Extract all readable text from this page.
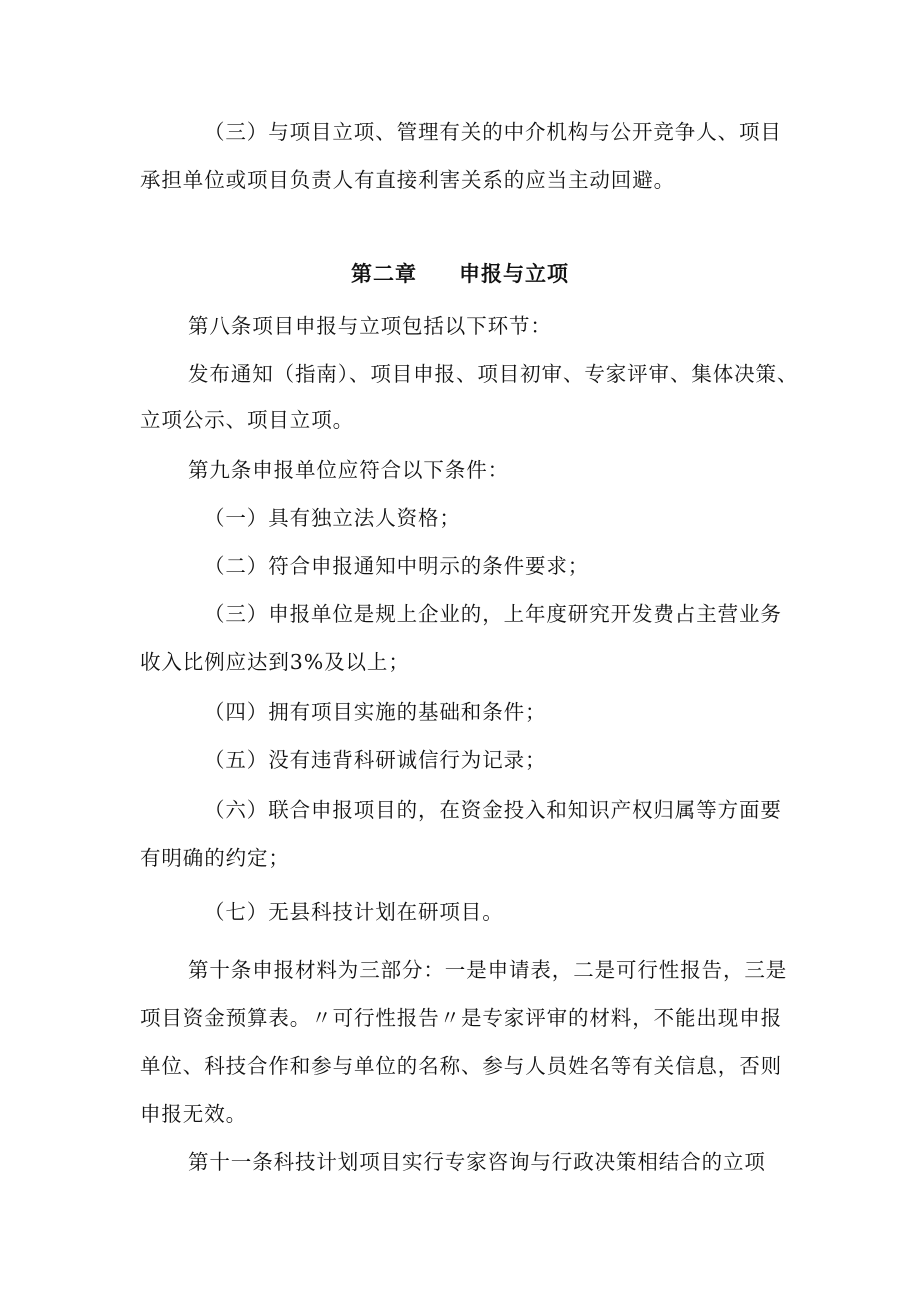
（三）与项目立项、管理有关的中介机构与公开竞争人、项目
承担单位或项目负责人有直接利害关系的应当主动回避。
第二章 申报与立项
第八条项目申报与立项包括以下环节：
发布通知（指南）、项目申报、项目初审、专家评审、集体决策、
立项公示、项目立项。
第九条申报单位应符合以下条件：
（一）具有独立法人资格；
（二）符合申报通知中明示的条件要求；
（三）申报单位是规上企业的，上年度研究开发费占主营业务
收入比例应达到3%及以上；
（四）拥有项目实施的基础和条件；
（五）没有违背科研诚信行为记录；
（六）联合申报项目的，在资金投入和知识产权归属等方面要
有明确的约定；
（七）无县科技计划在研项目。
第十条申报材料为三部分：一是申请表，二是可行性报告，三是
项目资金预算表。〃可行性报告〃是专家评审的材料，不能出现申报
单位、科技合作和参与单位的名称、参与人员姓名等有关信息，否则
申报无效。
第十一条科技计划项目实行专家咨询与行政决策相结合的立项
